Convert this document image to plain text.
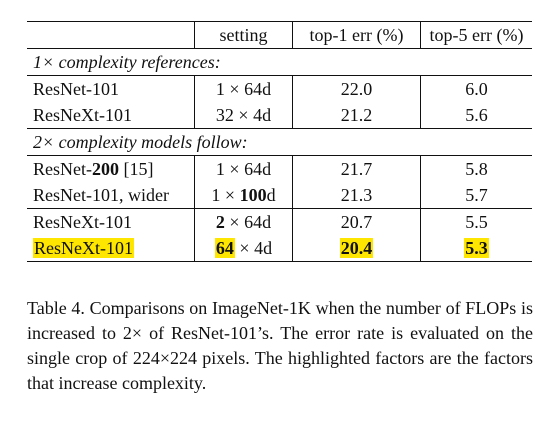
	setting	top-1 err (%)	top-5 err (%)
1× complexity references:			
ResNet-101	1 × 64d	22.0	6.0
ResNeXt-101	32 × 4d	21.2	5.6
2× complexity models follow:			
ResNet-200 [15]	1 × 64d	21.7	5.8
ResNet-101, wider	1 × 100d	21.3	5.7
ResNeXt-101	2 × 64d	20.7	5.5
ResNeXt-101	64 × 4d	20.4	5.3
Table 4. Comparisons on ImageNet-1K when the number of FLOPs is increased to 2× of ResNet-101’s. The error rate is evaluated on the single crop of 224×224 pixels. The highlighted factors are the factors that increase complexity.
